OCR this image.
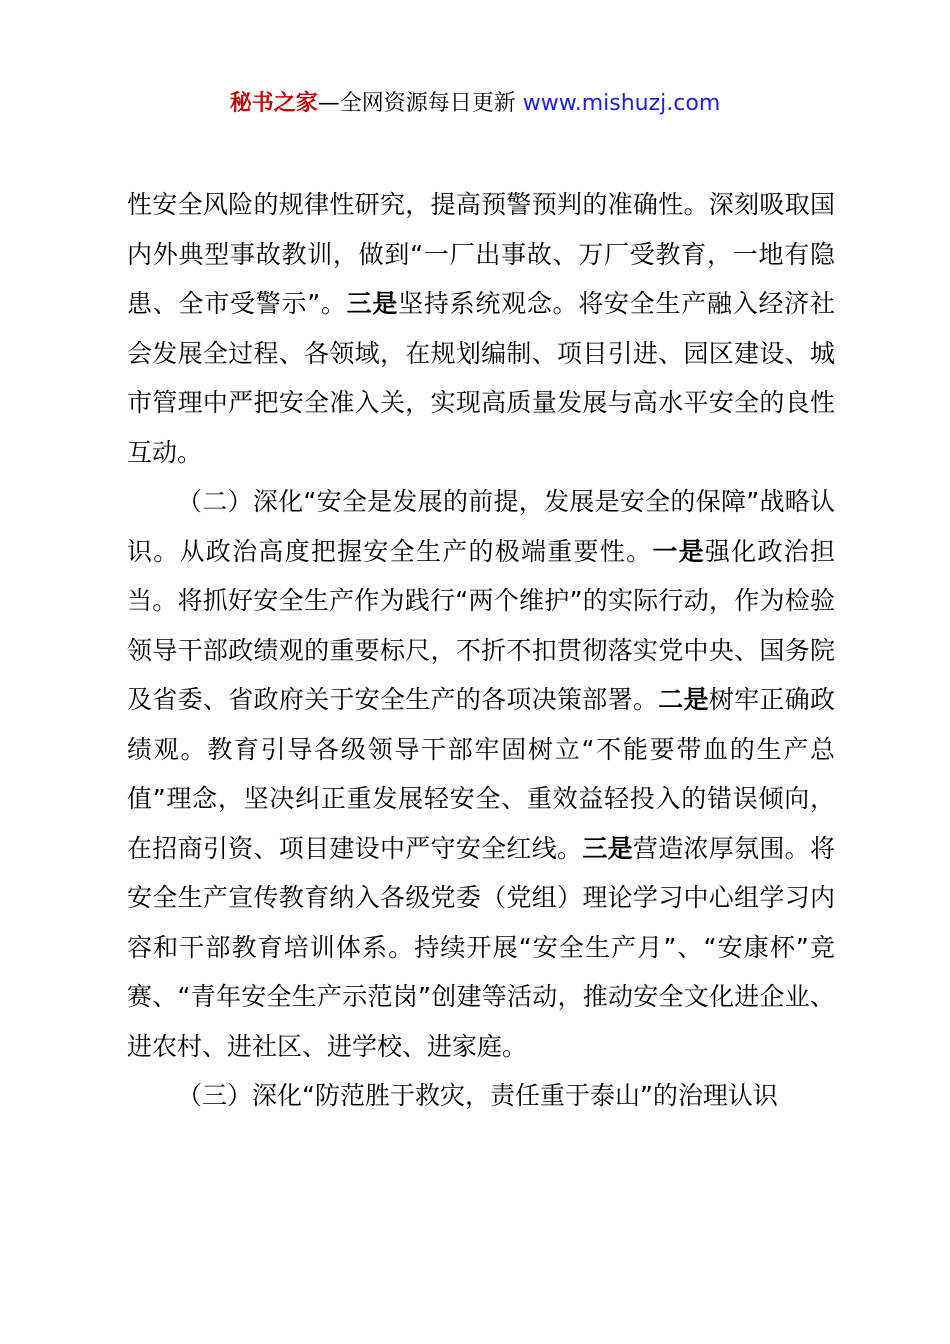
秘书之家—全网资源每日更新 www.mishuzj.com

性安全风险的规律性研究，提高预警预判的准确性。深刻吸取国内外典型事故教训，做到“一厂出事故、万厂受教育，一地有隐患、全市受警示”。三是坚持系统观念。将安全生产融入经济社会发展全过程、各领域，在规划编制、项目引进、园区建设、城市管理中严把安全准入关，实现高质量发展与高水平安全的良性互动。

（二）深化“安全是发展的前提，发展是安全的保障”战略认识。从政治高度把握安全生产的极端重要性。一是强化政治担当。将抓好安全生产作为践行“两个维护”的实际行动，作为检验领导干部政绩观的重要标尺，不折不扣贯彻落实党中央、国务院及省委、省政府关于安全生产的各项决策部署。二是树牢正确政绩观。教育引导各级领导干部牢固树立“不能要带血的生产总值”理念，坚决纠正重发展轻安全、重效益轻投入的错误倾向，在招商引资、项目建设中严守安全红线。三是营造浓厚氛围。将安全生产宣传教育纳入各级党委（党组）理论学习中心组学习内容和干部教育培训体系。持续开展“安全生产月”、“安康杯”竞赛、“青年安全生产示范岗”创建等活动，推动安全文化进企业、进农村、进社区、进学校、进家庭。

（三）深化“防范胜于救灾，责任重于泰山”的治理认识
